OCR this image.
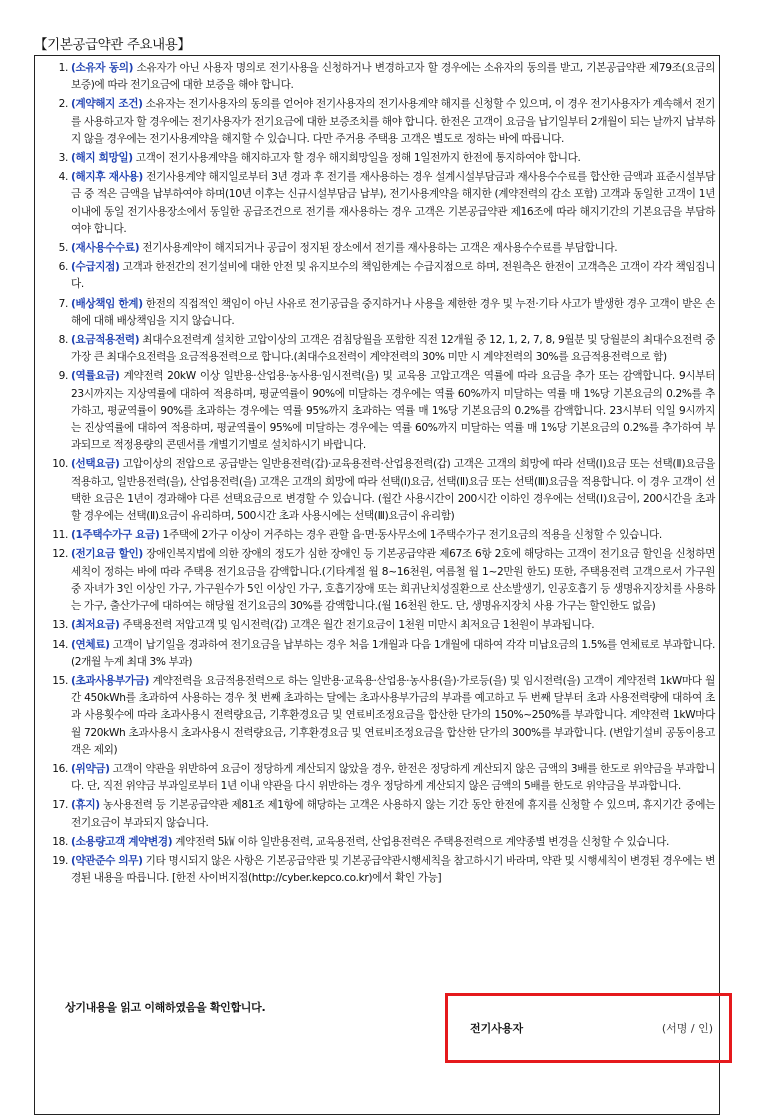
【기본공급약관 주요내용】
1. (소유자 동의) 소유자가 아닌 사용자 명의로 전기사용을 신청하거나 변경하고자 할 경우에는 소유자의 동의를 받고, 기본공급약관 제79조(요금의 보증)에 따라 전기요금에 대한 보증을 해야 합니다.
2. (계약해지 조건) 소유자는 전기사용자의 동의를 얻어야 전기사용자의 전기사용계약 해지를 신청할 수 있으며, 이 경우 전기사용자가 계속해서 전기를 사용하고자 할 경우에는 전기사용자가 전기요금에 대한 보증조치를 해야 합니다. 한전은 고객이 요금을 납기일부터 2개월이 되는 날까지 납부하지 않을 경우에는 전기사용계약을 해지할 수 있습니다. 다만 주거용 주택용 고객은 별도로 정하는 바에 따릅니다.
3. (해지 희망일) 고객이 전기사용계약을 해지하고자 할 경우 해지희망일을 정해 1일전까지 한전에 통지하여야 합니다.
4. (해지후 재사용) 전기사용계약 해지일로부터 3년 경과 후 전기를 재사용하는 경우 설계시설부담금과 재사용수수료를 합산한 금액과 표준시설부담금 중 적은 금액을 납부하여야 하며(10년 이후는 신규시설부담금 납부), 전기사용계약을 해지한 (계약전력의 감소 포함) 고객과 동일한 고객이 1년 이내에 동일 전기사용장소에서 동일한 공급조건으로 전기를 재사용하는 경우 고객은 기본공급약관 제16조에 따라 해지기간의 기본요금을 부담하여야 합니다.
5. (재사용수수료) 전기사용계약이 해지되거나 공급이 정지된 장소에서 전기를 재사용하는 고객은 재사용수수료를 부담합니다.
6. (수급지점) 고객과 한전간의 전기설비에 대한 안전 및 유지보수의 책임한계는 수급지점으로 하며, 전원측은 한전이 고객측은 고객이 각각 책임집니다.
7. (배상책임 한계) 한전의 직접적인 책임이 아닌 사유로 전기공급을 중지하거나 사용을 제한한 경우 및 누전·기타 사고가 발생한 경우 고객이 받은 손해에 대해 배상책임을 지지 않습니다.
8. (요금적용전력) 최대수요전력계 설치한 고압이상의 고객은 검침당월을 포함한 직전 12개월 중 12, 1, 2, 7, 8, 9월분 및 당월분의 최대수요전력 중 가장 큰 최대수요전력을 요금적용전력으로 합니다.(최대수요전력이 계약전력의 30% 미만 시 계약전력의 30%를 요금적용전력으로 함)
9. (역률요금) 계약전력 20kW 이상 일반용·산업용·농사용·임시전력(을) 및 교육용 고압고객은 역률에 따라 요금을 추가 또는 감액합니다. 9시부터 23시까지는 지상역률에 대하여 적용하며, 평균역률이 90%에 미달하는 경우에는 역률 60%까지 미달하는 역률 매 1%당 기본요금의 0.2%를 추가하고, 평균역률이 90%를 초과하는 경우에는 역률 95%까지 초과하는 역률 매 1%당 기본요금의 0.2%를 감액합니다. 23시부터 익일 9시까지는 진상역률에 대하여 적용하며, 평균역률이 95%에 미달하는 경우에는 역률 60%까지 미달하는 역률 매 1%당 기본요금의 0.2%를 추가하여 부과되므로 적정용량의 콘덴서를 개별기기별로 설치하시기 바랍니다.
10. (선택요금) 고압이상의 전압으로 공급받는 일반용전력(갑)·교육용전력·산업용전력(갑) 고객은 고객의 희망에 따라 선택(Ⅰ)요금 또는 선택(Ⅱ)요금을 적용하고, 일반용전력(을), 산업용전력(을) 고객은 고객의 희망에 따라 선택(Ⅰ)요금, 선택(Ⅱ)요금 또는 선택(Ⅲ)요금을 적용합니다. 이 경우 고객이 선택한 요금은 1년이 경과해야 다른 선택요금으로 변경할 수 있습니다. (월간 사용시간이 200시간 이하인 경우에는 선택(Ⅰ)요금이, 200시간을 초과할 경우에는 선택(Ⅱ)요금이 유리하며, 500시간 초과 사용시에는 선택(Ⅲ)요금이 유리함)
11. (1주택수가구 요금) 1주택에 2가구 이상이 거주하는 경우 관할 읍·면·동사무소에 1주택수가구 전기요금의 적용을 신청할 수 있습니다.
12. (전기요금 할인) 장애인복지법에 의한 장애의 정도가 심한 장애인 등 기본공급약관 제67조 6항 2호에 해당하는 고객이 전기요금 할인을 신청하면 세칙이 정하는 바에 따라 주택용 전기요금을 감액합니다.(기타계절 월 8~16천원, 여름철 월 1~2만원 한도) 또한, 주택용전력 고객으로서 가구원 중 자녀가 3인 이상인 가구, 가구원수가 5인 이상인 가구, 호흡기장애 또는 희귀난치성질환으로 산소발생기, 인공호흡기 등 생명유지장치를 사용하는 가구, 출산가구에 대하여는 해당월 전기요금의 30%를 감액합니다.(월 16천원 한도. 단, 생명유지장치 사용 가구는 할인한도 없음)
13. (최저요금) 주택용전력 저압고객 및 임시전력(갑) 고객은 월간 전기요금이 1천원 미만시 최저요금 1천원이 부과됩니다.
14. (연체료) 고객이 납기일을 경과하여 전기요금을 납부하는 경우 처음 1개월과 다음 1개월에 대하여 각각 미납요금의 1.5%를 연체료로 부과합니다.(2개월 누계 최대 3% 부과)
15. (초과사용부가금) 계약전력을 요금적용전력으로 하는 일반용·교육용·산업용·농사용(을)·가로등(을) 및 임시전력(을) 고객이 계약전력 1kW마다 월간 450kWh를 초과하여 사용하는 경우 첫 번째 초과하는 달에는 초과사용부가금의 부과를 예고하고 두 번째 달부터 초과 사용전력량에 대하여 초과 사용횟수에 따라 초과사용시 전력량요금, 기후환경요금 및 연료비조정요금을 합산한 단가의 150%~250%를 부과합니다. 계약전력 1kW마다 월 720kWh 초과사용시 초과사용시 전력량요금, 기후환경요금 및 연료비조정요금을 합산한 단가의 300%를 부과합니다. (변압기설비 공동이용고객은 제외)
16. (위약금) 고객이 약관을 위반하여 요금이 정당하게 계산되지 않았을 경우, 한전은 정당하게 계산되지 않은 금액의 3배를 한도로 위약금을 부과합니다. 단, 직전 위약금 부과일로부터 1년 이내 약관을 다시 위반하는 경우 정당하게 계산되지 않은 금액의 5배를 한도로 위약금을 부과합니다.
17. (휴지) 농사용전력 등 기본공급약관 제81조 제1항에 해당하는 고객은 사용하지 않는 기간 동안 한전에 휴지를 신청할 수 있으며, 휴지기간 중에는 전기요금이 부과되지 않습니다.
18. (소용량고객 계약변경) 계약전력 5㎾ 이하 일반용전력, 교육용전력, 산업용전력은 주택용전력으로 계약종별 변경을 신청할 수 있습니다.
19. (약관준수 의무) 기타 명시되지 않은 사항은 기본공급약관 및 기본공급약관시행세칙을 참고하시기 바라며, 약관 및 시행세칙이 변경된 경우에는 변경된 내용을 따릅니다. [한전 사이버지점(http://cyber.kepco.co.kr)에서 확인 가능]
상기내용을 읽고 이해하였음을 확인합니다.
전기사용자	(서명 / 인)
